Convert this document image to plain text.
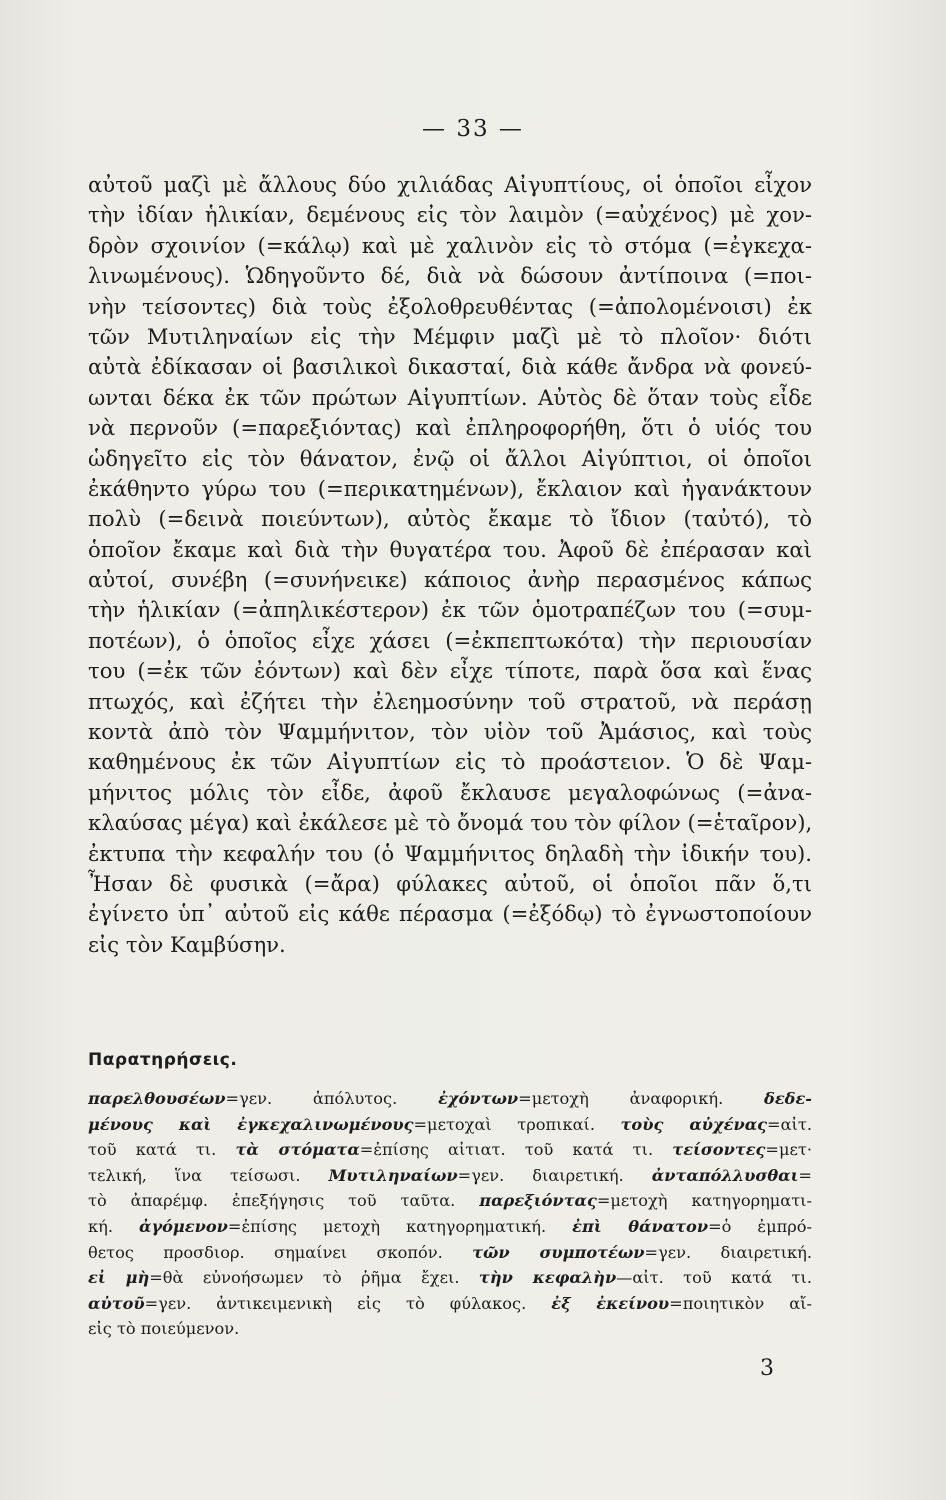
— 33 —
αὐτοῦ μαζὶ μὲ ἄλλους δύο χιλιάδας Αἰγυπτίους, οἱ ὁποῖοι εἶχον
τὴν ἰδίαν ἡλικίαν, δεμένους εἰς τὸν λαιμὸν (=αὐχένος) μὲ χον-
δρὸν σχοινίον (=κάλῳ) καὶ μὲ χαλινὸν εἰς τὸ στόμα (=ἐγκεχα-
λινωμένους). Ὡδηγοῦντο δέ, διὰ νὰ δώσουν ἀντίποινα (=ποι-
νὴν τείσοντες) διὰ τοὺς ἐξολοθρευθέντας (=ἀπολομένοισι) ἐκ
τῶν Μυτιληναίων εἰς τὴν Μέμφιν μαζὶ μὲ τὸ πλοῖον· διότι
αὐτὰ ἐδίκασαν οἱ βασιλικοὶ δικασταί, διὰ κάθε ἄνδρα νὰ φονεύ-
ωνται δέκα ἐκ τῶν πρώτων Αἰγυπτίων. Αὐτὸς δὲ ὅταν τοὺς εἶδε
νὰ περνοῦν (=παρεξιόντας) καὶ ἐπληροφορήθη, ὅτι ὁ υἱός του
ὡδηγεῖτο εἰς τὸν θάνατον, ἐνῷ οἱ ἄλλοι Αἰγύπτιοι, οἱ ὁποῖοι
ἐκάθηντο γύρω του (=περικατημένων), ἔκλαιον καὶ ἠγανάκτουν
πολὺ (=δεινὰ ποιεύντων), αὐτὸς ἔκαμε τὸ ἴδιον (ταὐτό), τὸ
ὁποῖον ἔκαμε καὶ διὰ τὴν θυγατέρα του. Ἀφοῦ δὲ ἐπέρασαν καὶ
αὐτοί, συνέβη (=συνήνεικε) κάποιος ἀνὴρ περασμένος κάπως
τὴν ἡλικίαν (=ἀπηλικέστερον) ἐκ τῶν ὁμοτραπέζων του (=συμ-
ποτέων), ὁ ὁποῖος εἶχε χάσει (=ἐκπεπτωκότα) τὴν περιουσίαν
του (=ἐκ τῶν ἐόντων) καὶ δὲν εἶχε τίποτε, παρὰ ὅσα καὶ ἕνας
πτωχός, καὶ ἐζήτει τὴν ἐλεημοσύνην τοῦ στρατοῦ, νὰ περάσῃ
κοντὰ ἀπὸ τὸν Ψαμμήνιτον, τὸν υἱὸν τοῦ Ἀμάσιος, καὶ τοὺς
καθημένους ἐκ τῶν Αἰγυπτίων εἰς τὸ προάστειον. Ὁ δὲ Ψαμ-
μήνιτος μόλις τὸν εἶδε, ἀφοῦ ἔκλαυσε μεγαλοφώνως (=ἀνα-
κλαύσας μέγα) καὶ ἐκάλεσε μὲ τὸ ὄνομά του τὸν φίλον (=ἑταῖρον),
ἐκτυπα τὴν κεφαλήν του (ὁ Ψαμμήνιτος δηλαδὴ τὴν ἰδικήν του).
Ἦσαν δὲ φυσικὰ (=ἄρα) φύλακες αὐτοῦ, οἱ ὁποῖοι πᾶν ὅ,τι
ἐγίνετο ὑπ᾽ αὐτοῦ εἰς κάθε πέρασμα (=ἐξόδῳ) τὸ ἐγνωστοποίουν
εἰς τὸν Καμβύσην.
Παρατηρήσεις.
παρελθουσέων=γεν. ἀπόλυτος. ἐχόντων=μετοχὴ ἀναφορική. δεδε-
μένους καὶ ἐγκεχαλινωμένους=μετοχαὶ τροπικαί. τοὺς αὐχένας=αἰτ.
τοῦ κατά τι. τὰ στόματα=ἐπίσης αἰτιατ. τοῦ κατά τι. τείσοντες=μετ·
τελική, ἵνα τείσωσι. Μυτιληναίων=γεν. διαιρετική. ἀνταπόλλυσθαι=
τὸ ἀπαρέμφ. ἐπεξήγησις τοῦ ταῦτα. παρεξιόντας=μετοχὴ κατηγορηματι-
κή. ἀγόμενον=ἐπίσης μετοχὴ κατηγορηματική. ἐπὶ θάνατον=ὁ ἐμπρό-
θετος προσδιορ. σημαίνει σκοπόν. τῶν συμποτέων=γεν. διαιρετική.
εἰ μὴ=θὰ εὐνοήσωμεν τὸ ῥῆμα ἔχει. τὴν κεφαλὴν—αἰτ. τοῦ κατά τι.
αὐτοῦ=γεν. ἀντικειμενικὴ εἰς τὸ φύλακος. ἐξ ἐκείνου=ποιητικὸν αἴ-
εἰς τὸ ποιεύμενον.
3
